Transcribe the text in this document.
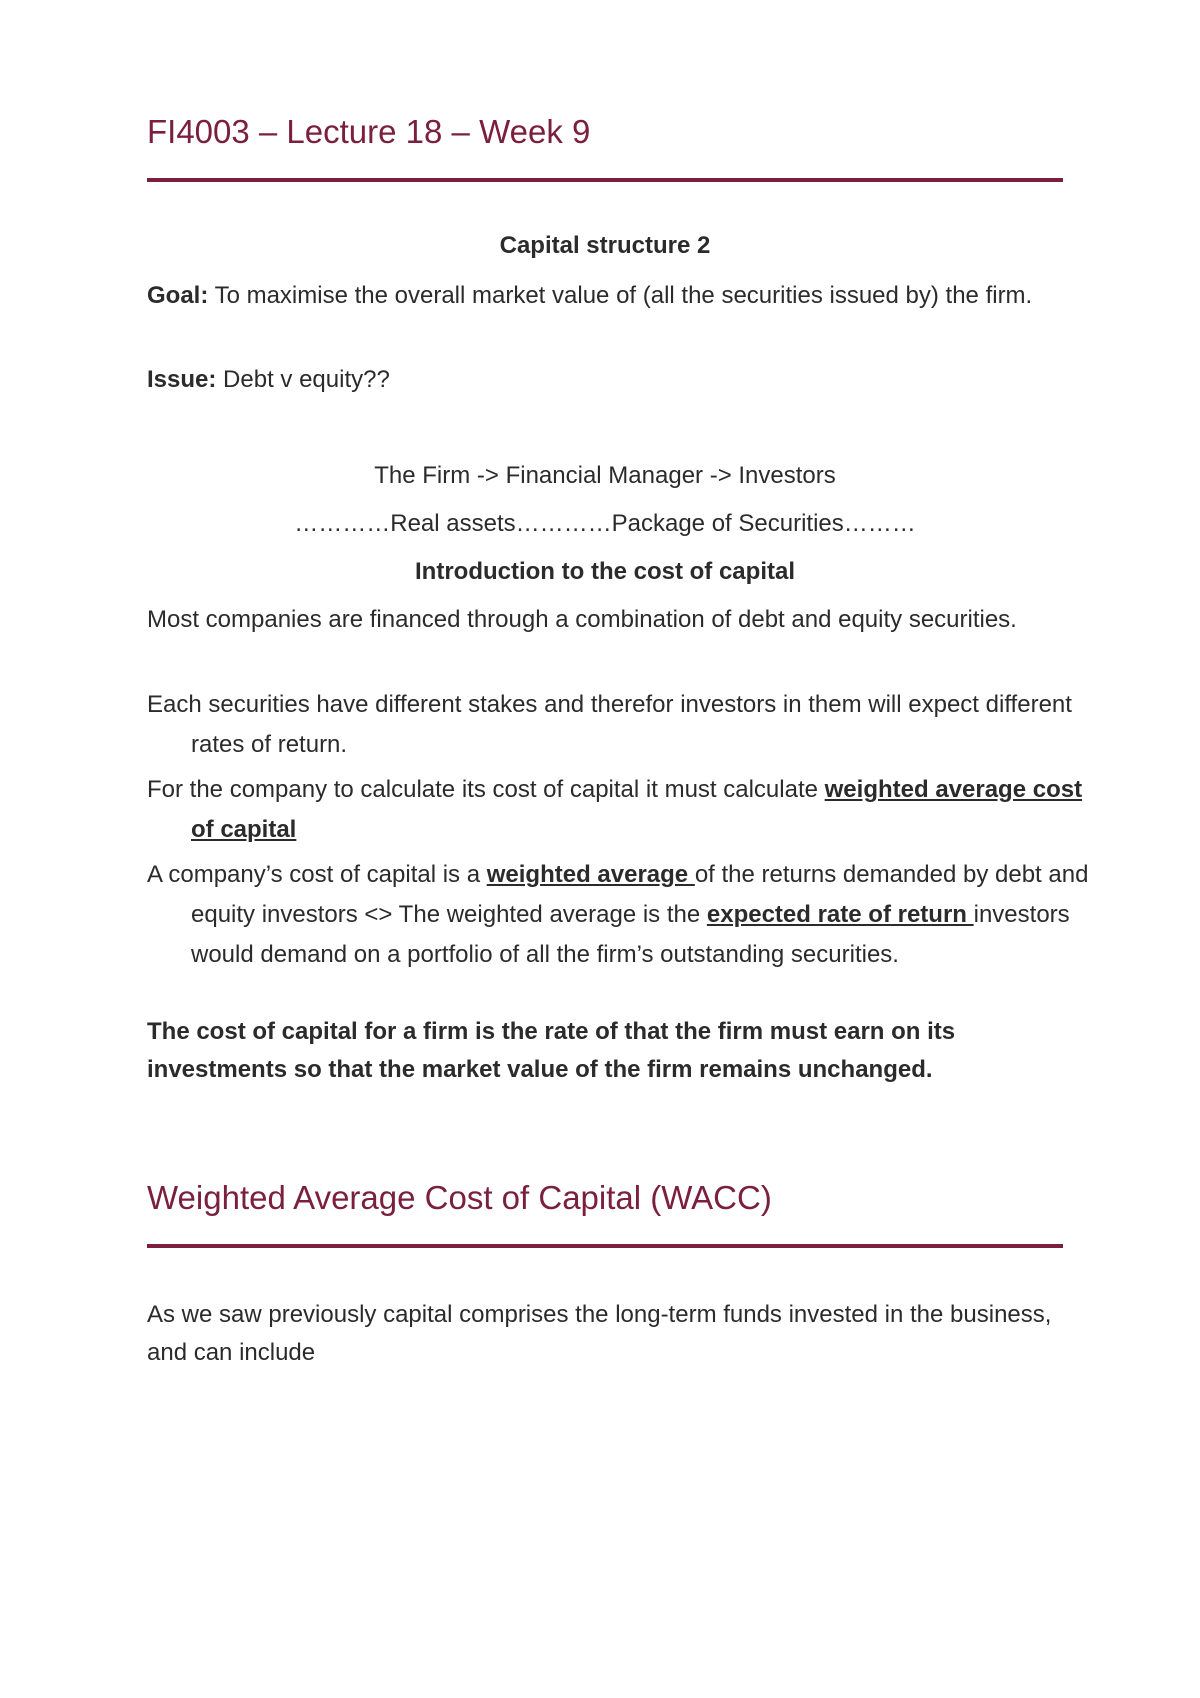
FI4003 – Lecture 18 – Week 9

Capital structure 2

Goal: To maximise the overall market value of (all the securities issued by) the firm.

Issue: Debt v equity??

The Firm -> Financial Manager -> Investors

…………Real assets…………Package of Securities………

Introduction to the cost of capital

Most companies are financed through a combination of debt and equity securities.

Each securities have different stakes and therefor investors in them will expect different rates of return.

For the company to calculate its cost of capital it must calculate weighted average cost of capital

A company’s cost of capital is a weighted average of the returns demanded by debt and equity investors <> The weighted average is the expected rate of return investors would demand on a portfolio of all the firm’s outstanding securities.

The cost of capital for a firm is the rate of that the firm must earn on its investments so that the market value of the firm remains unchanged.

Weighted Average Cost of Capital (WACC)

As we saw previously capital comprises the long-term funds invested in the business, and can include
